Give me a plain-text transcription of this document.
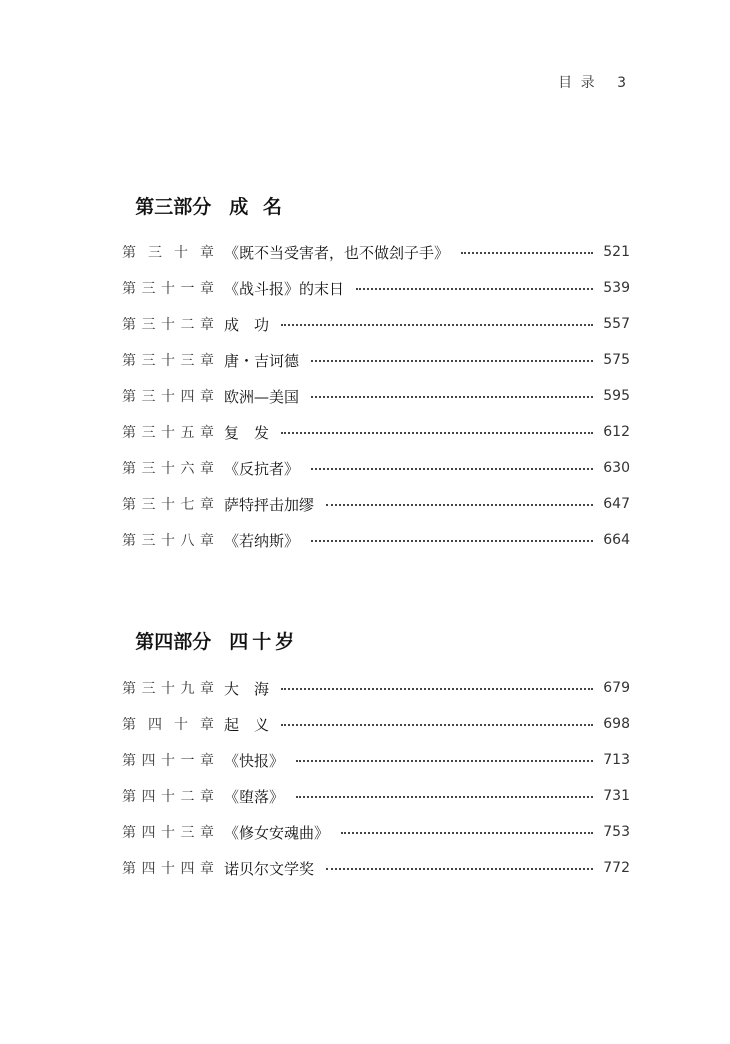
目 录 3

第三部分 成 名

第 三 十 章 《既不当受害者，也不做刽子手》	521
第 三 十 一 章 《战斗报》的末日	539
第 三 十 二 章 成　功	557
第 三 十 三 章 唐・吉诃德	575
第 三 十 四 章 欧洲—美国	595
第 三 十 五 章 复　发	612
第 三 十 六 章 《反抗者》	630
第 三 十 七 章 萨特抨击加缪	647
第 三 十 八 章 《若纳斯》	664

第四部分 四十岁

第 三 十 九 章 大　海	679
第 四 十 章 起　义	698
第 四 十 一 章 《快报》	713
第 四 十 二 章 《堕落》	731
第 四 十 三 章 《修女安魂曲》	753
第 四 十 四 章 诺贝尔文学奖	772
